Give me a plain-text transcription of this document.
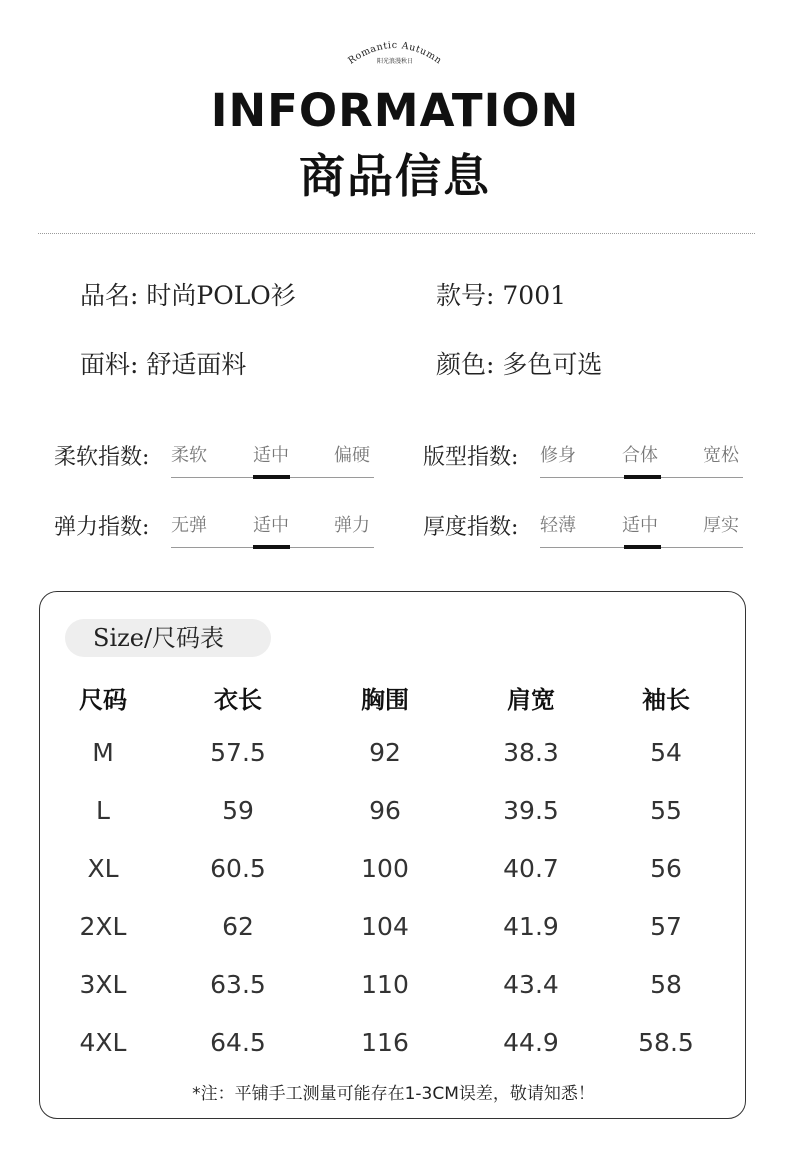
Romantic Autumn
阳光浪漫秋日
INFORMATION
商品信息
品名: 时尚POLO衫	款号: 7001
面料: 舒适面料	颜色: 多色可选
柔软指数: 柔软	适中	偏硬 版型指数: 修身	合体	宽松
弹力指数: 无弹	适中	弹力 厚度指数: 轻薄	适中	厚实
Size/尺码表
尺码	衣长	胸围	肩宽	袖长
M	57.5	92	38.3	54
L	59	96	39.5	55
XL	60.5	100	40.7	56
2XL	62	104	41.9	57
3XL	63.5	110	43.4	58
4XL	64.5	116	44.9	58.5
*注：平铺手工测量可能存在1-3CM误差，敬请知悉！
